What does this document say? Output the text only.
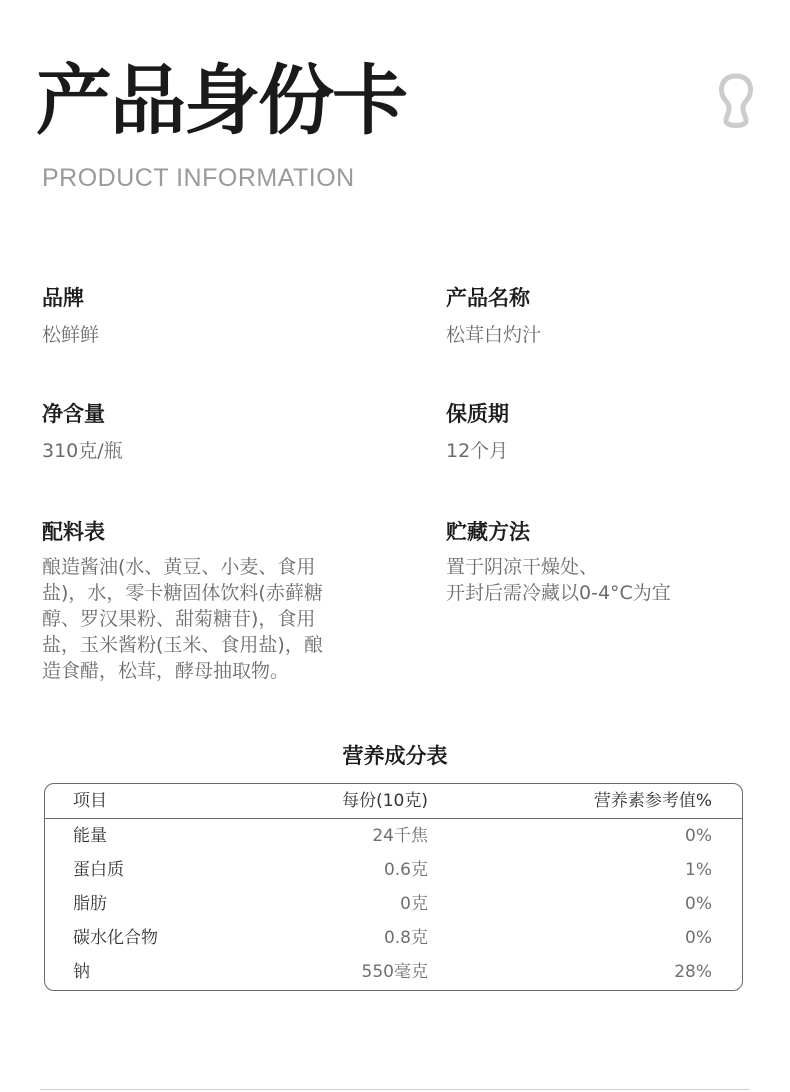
产品身份卡
PRODUCT INFORMATION
品牌
松鲜鲜
产品名称
松茸白灼汁
净含量
310克/瓶
保质期
12个月
配料表
酿造酱油(水、黄豆、小麦、食用
盐)，水，零卡糖固体饮料(赤藓糖
醇、罗汉果粉、甜菊糖苷)，食用
盐，玉米酱粉(玉米、食用盐)，酿
造食醋，松茸，酵母抽取物。
贮藏方法
置于阴凉干燥处、
开封后需冷藏以0-4°C为宜
营养成分表
项目	每份(10克)	营养素参考值%
能量	24千焦	0%
蛋白质	0.6克	1%
脂肪	0克	0%
碳水化合物	0.8克	0%
钠	550毫克	28%
